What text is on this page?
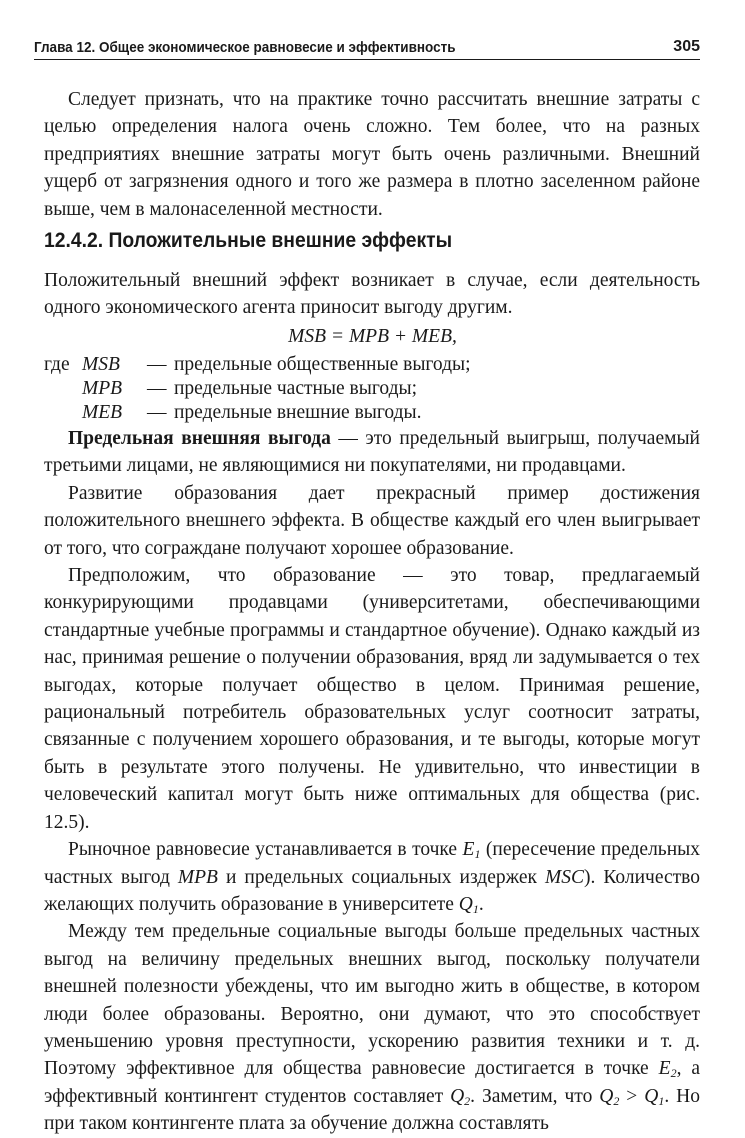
Глава 12. Общее экономическое равновесие и эффективность	305

Следует признать, что на практике точно рассчитать внешние затраты с целью определения налога очень сложно. Тем более, что на разных предприятиях внешние затраты могут быть очень различными. Внешний ущерб от загрязнения одного и того же размера в плотно заселенном районе выше, чем в малонаселенной местности.

12.4.2. Положительные внешние эффекты

Положительный внешний эффект возникает в случае, если деятельность одного экономического агента приносит выгоду другим.

MSB = MPB + MEB,
где MSB — предельные общественные выгоды;
MPB — предельные частные выгоды;
MEB — предельные внешние выгоды.

Предельная внешняя выгода — это предельный выигрыш, получаемый третьими лицами, не являющимися ни покупателями, ни продавцами.

Развитие образования дает прекрасный пример достижения положительного внешнего эффекта. В обществе каждый его член выигрывает от того, что сограждане получают хорошее образование.

Предположим, что образование — это товар, предлагаемый конкурирующими продавцами (университетами, обеспечивающими стандартные учебные программы и стандартное обучение). Однако каждый из нас, принимая решение о получении образования, вряд ли задумывается о тех выгодах, которые получает общество в целом. Принимая решение, рациональный потребитель образовательных услуг соотносит затраты, связанные с получением хорошего образования, и те выгоды, которые могут быть в результате этого получены. Не удивительно, что инвестиции в человеческий капитал могут быть ниже оптимальных для общества (рис. 12.5).

Рыночное равновесие устанавливается в точке $E_1$ (пересечение предельных частных выгод MPB и предельных социальных издержек MSC). Количество желающих получить образование в университете $Q_1$.

Между тем предельные социальные выгоды больше предельных частных выгод на величину предельных внешних выгод, поскольку получатели внешней полезности убеждены, что им выгодно жить в обществе, в котором люди более образованы. Вероятно, они думают, что это способствует уменьшению уровня преступности, ускорению развития техники и т. д. Поэтому эффективное для общества равновесие достигается в точке $E_2$, а эффективный контингент студентов составляет $Q_2$. Заметим, что $Q_2 > Q_1$. Но при таком контингенте плата за обучение должна составлять
